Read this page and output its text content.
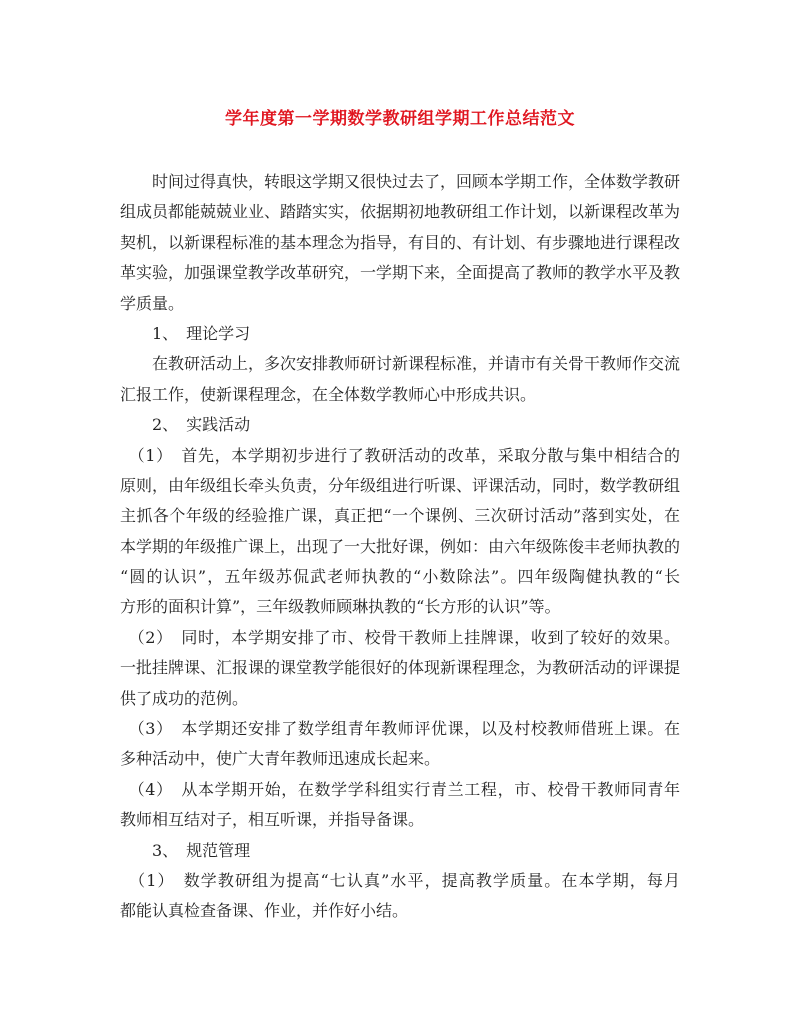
学年度第一学期数学教研组学期工作总结范文
　　时间过得真快，转眼这学期又很快过去了，回顾本学期工作，全体数学教研
组成员都能兢兢业业、踏踏实实，依据期初地教研组工作计划，以新课程改革为
契机，以新课程标准的基本理念为指导，有目的、有计划、有步骤地进行课程改
革实验，加强课堂教学改革研究，一学期下来，全面提高了教师的教学水平及教
学质量。
　　1、　理论学习
　　在教研活动上，多次安排教师研讨新课程标准，并请市有关骨干教师作交流
汇报工作，使新课程理念，在全体数学教师心中形成共识。
　　2、　实践活动
　（1）　首先，本学期初步进行了教研活动的改革，采取分散与集中相结合的
原则，由年级组长牵头负责，分年级组进行听课、评课活动，同时，数学教研组
主抓各个年级的经验推广课，真正把“一个课例、三次研讨活动”落到实处，在
本学期的年级推广课上，出现了一大批好课，例如：由六年级陈俊丰老师执教的
“圆的认识”，五年级苏侃武老师执教的“小数除法”。四年级陶健执教的“长
方形的面积计算”，三年级教师顾琳执教的“长方形的认识”等。
　（2）　同时，本学期安排了市、校骨干教师上挂牌课，收到了较好的效果。
一批挂牌课、汇报课的课堂教学能很好的体现新课程理念，为教研活动的评课提
供了成功的范例。
　（3）　本学期还安排了数学组青年教师评优课，以及村校教师借班上课。在
多种活动中，使广大青年教师迅速成长起来。
　（4）　从本学期开始，在数学学科组实行青兰工程，市、校骨干教师同青年
教师相互结对子，相互听课，并指导备课。
　　3、　规范管理
　（1）　数学教研组为提高“七认真”水平，提高教学质量。在本学期，每月
都能认真检查备课、作业，并作好小结。
